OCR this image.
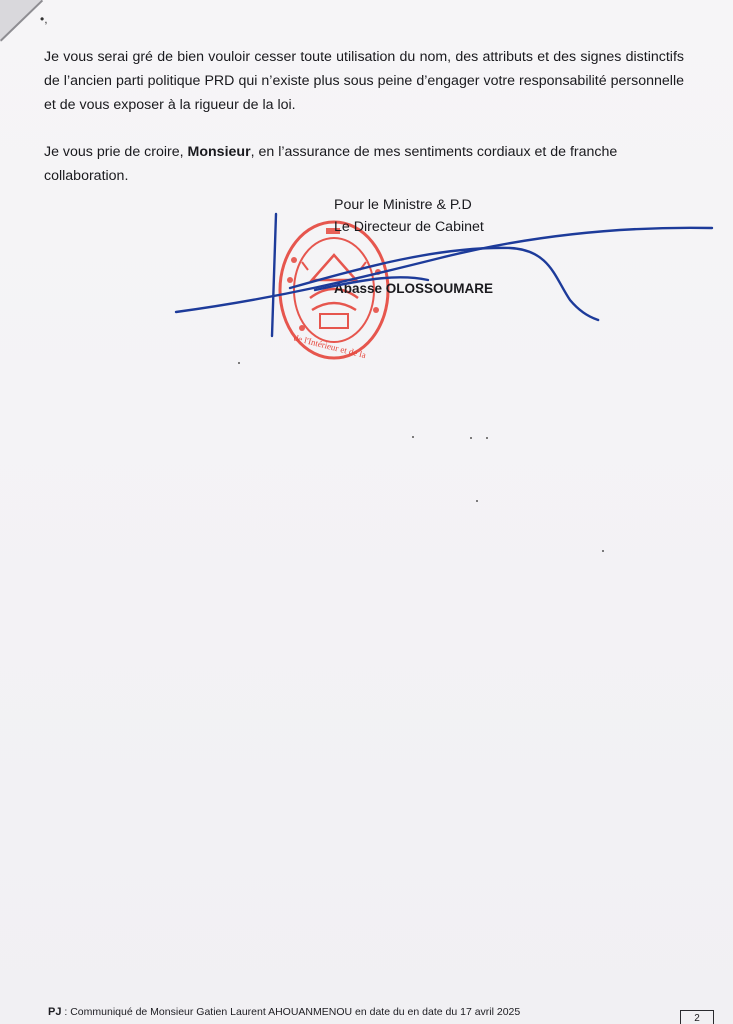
•,

Je vous serai gré de bien vouloir cesser toute utilisation du nom, des attributs et des signes distinctifs de l’ancien parti politique PRD qui n’existe plus sous peine d’engager votre responsabilité personnelle et de vous exposer à la rigueur de la loi.

Je vous prie de croire, Monsieur, en l’assurance de mes sentiments cordiaux et de franche collaboration.

de l'Intérieur et de la
Pour le Ministre & P.D
Le Directeur de Cabinet
Abasse OLOSSOUMARE
PJ : Communiqué de Monsieur Gatien Laurent AHOUANMENOU en date du en date du 17 avril 2025
2
